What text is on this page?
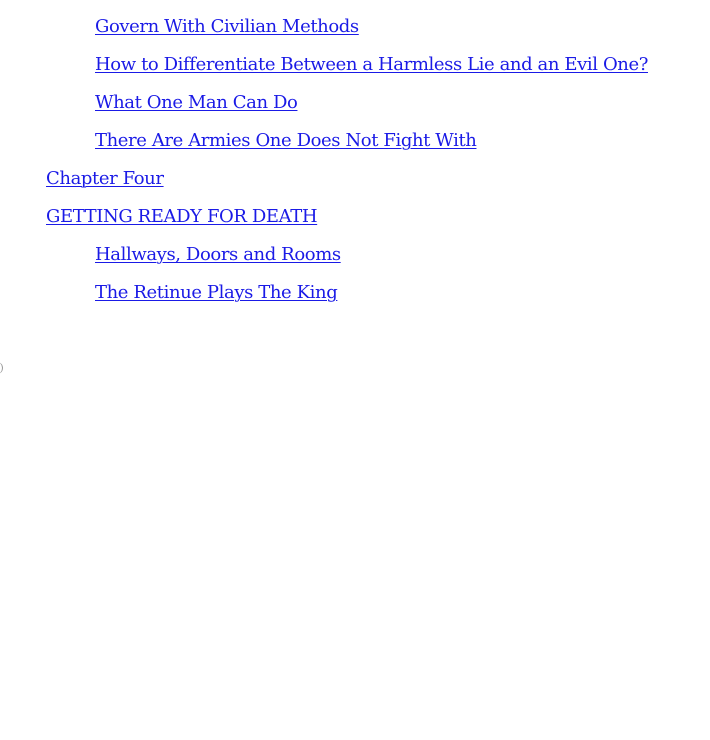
Govern With Civilian Methods
How to Differentiate Between a Harmless Lie and an Evil One?
What One Man Can Do
There Are Armies One Does Not Fight With
Chapter Four
GETTING READY FOR DEATH
Hallways, Doors and Rooms
The Retinue Plays The King
